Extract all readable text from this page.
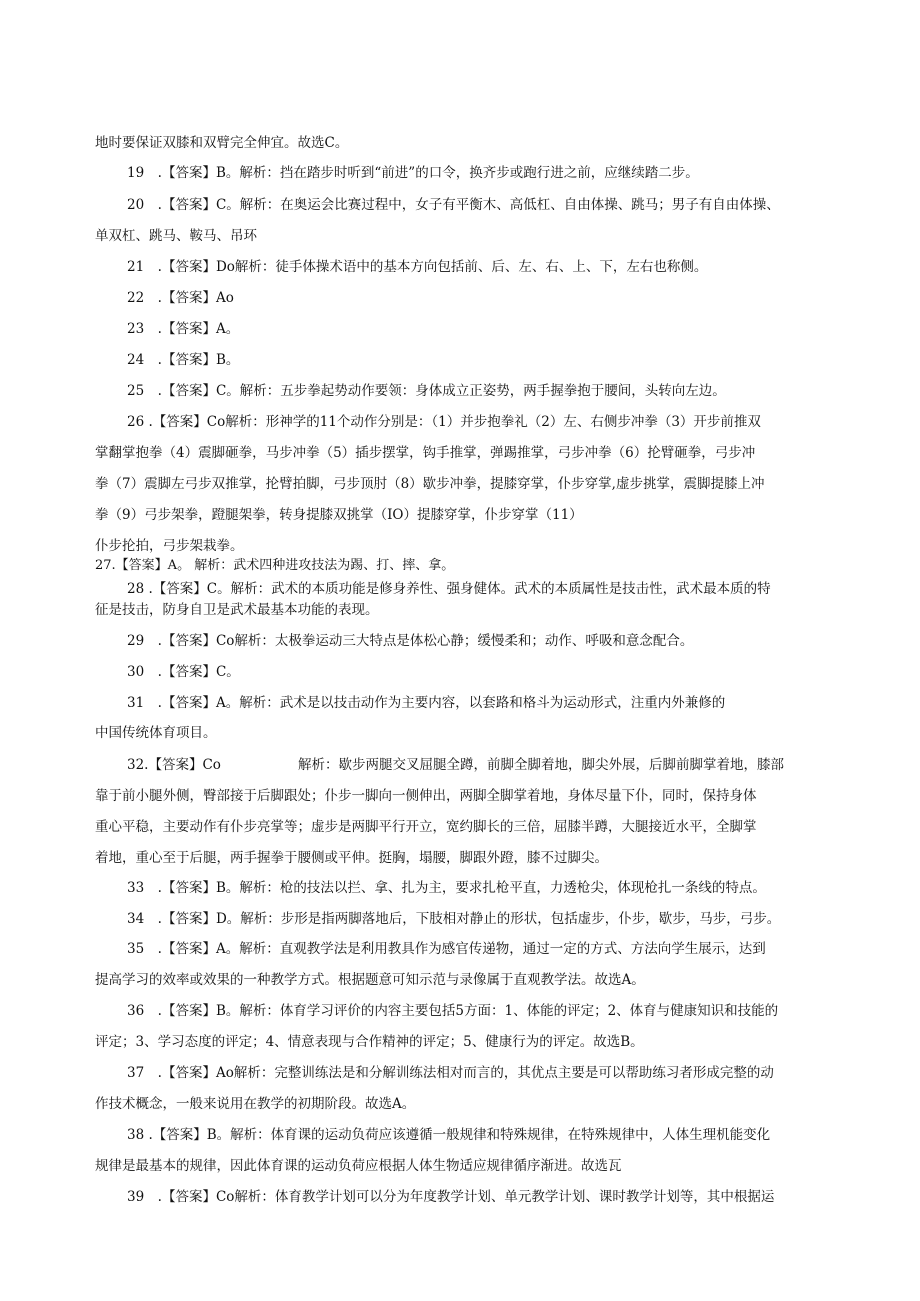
地时要保证双膝和双臂完全伸宜。故选C。
19　.【答案】B。解析：挡在踏步时听到“前进”的口令，换齐步或跑行进之前，应继续踏二步。
20　.【答案】C。解析：在奥运会比赛过程中，女子有平衡木、高低杠、自由体操、跳马；男子有自由体操、
单双杠、跳马、鞍马、吊环
21　.【答案】Do解析：徒手体操术语中的基本方向包括前、后、左、右、上、下，左右也称侧。
22　.【答案】Ao
23　.【答案】A。
24　.【答案】B。
25　.【答案】C。解析：五步拳起势动作要领：身体成立正姿势，两手握拳抱于腰间，头转向左边。
26 .【答案】Co解析：形神学的11个动作分别是：（1）并步抱拳礼（2）左、右侧步冲拳（3）开步前推双
掌翻掌抱拳（4）震脚砸拳，马步冲拳（5）插步摆掌，钩手推掌，弹踢推掌，弓步冲拳（6）抡臂砸拳，弓步冲
拳（7）震脚左弓步双推掌，抡臂拍脚，弓步顶肘（8）歇步冲拳，提膝穿掌，仆步穿掌,虚步挑掌，震脚提膝上冲
拳（9）弓步架拳，蹬腿架拳，转身提膝双挑掌（IO）提膝穿掌，仆步穿掌（11）
仆步抡拍，弓步架栽拳。
27.【答案】A。 解析：武术四种进攻技法为踢、打、摔、拿。
28 .【答案】C。解析：武术的本质功能是修身养性、强身健体。武术的本质属性是技击性，武术最本质的特
征是技击，防身自卫是武术最基本功能的表现。
29　.【答案】Co解析：太极拳运动三大特点是体松心静；缓慢柔和；动作、呼吸和意念配合。
30　.【答案】C。
31　.【答案】A。解析：武术是以技击动作为主要内容，以套路和格斗为运动形式，注重内外兼修的
中国传统体育项目。
32.【答案】Co	解析：歇步两腿交叉屈腿全蹲，前脚全脚着地，脚尖外展，后脚前脚掌着地，膝部
靠于前小腿外侧，臀部接于后脚跟处；仆步一脚向一侧伸出，两脚全脚掌着地，身体尽量下仆，同时，保持身体
重心平稳，主要动作有仆步亮掌等；虚步是两脚平行开立，宽约脚长的三倍，屈膝半蹲，大腿接近水平，全脚掌
着地，重心至于后腿，两手握拳于腰侧或平伸。挺胸，塌腰，脚跟外蹬，膝不过脚尖。
33　.【答案】B。解析：枪的技法以拦、拿、扎为主，要求扎枪平直，力透枪尖，体现枪扎一条线的特点。
34　.【答案】D。解析：步形是指两脚落地后，下肢相对静止的形状，包括虚步，仆步，歇步，马步，弓步。
35　.【答案】A。解析：直观教学法是利用教具作为感官传递物，通过一定的方式、方法向学生展示，达到
提高学习的效率或效果的一种教学方式。根据题意可知示范与录像属于直观教学法。故选A。
36　.【答案】B。解析：体育学习评价的内容主要包括5方面：1、体能的评定；2、体育与健康知识和技能的
评定；3、学习态度的评定；4、情意表现与合作精神的评定；5、健康行为的评定。故选B。
37　.【答案】Ao解析：完整训练法是和分解训练法相对而言的，其优点主要是可以帮助练习者形成完整的动
作技术概念，一般来说用在教学的初期阶段。故选A。
38 .【答案】B。解析：体育课的运动负荷应该遵循一般规律和特殊规律，在特殊规律中，人体生理机能变化
规律是最基本的规律，因此体育课的运动负荷应根据人体生物适应规律循序渐进。故选瓦
39　.【答案】Co解析：体育教学计划可以分为年度教学计划、单元教学计划、课时教学计划等，其中根据运
